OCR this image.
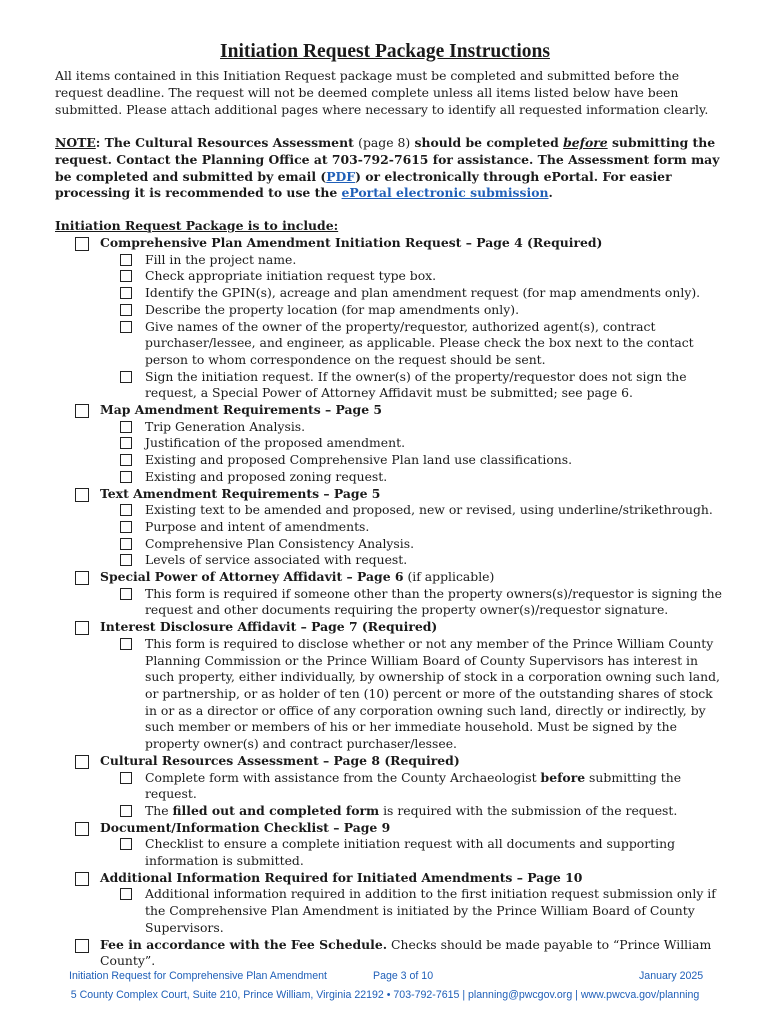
Initiation Request Package Instructions
All items contained in this Initiation Request package must be completed and submitted before the request deadline. The request will not be deemed complete unless all items listed below have been submitted. Please attach additional pages where necessary to identify all requested information clearly.
NOTE: The Cultural Resources Assessment (page 8) should be completed before submitting the request. Contact the Planning Office at 703-792-7615 for assistance. The Assessment form may be completed and submitted by email (PDF) or electronically through ePortal. For easier processing it is recommended to use the ePortal electronic submission.
Initiation Request Package is to include:
Comprehensive Plan Amendment Initiation Request – Page 4 (Required)
Fill in the project name.
Check appropriate initiation request type box.
Identify the GPIN(s), acreage and plan amendment request (for map amendments only).
Describe the property location (for map amendments only).
Give names of the owner of the property/requestor, authorized agent(s), contract purchaser/lessee, and engineer, as applicable. Please check the box next to the contact person to whom correspondence on the request should be sent.
Sign the initiation request. If the owner(s) of the property/requestor does not sign the request, a Special Power of Attorney Affidavit must be submitted; see page 6.
Map Amendment Requirements – Page 5
Trip Generation Analysis.
Justification of the proposed amendment.
Existing and proposed Comprehensive Plan land use classifications.
Existing and proposed zoning request.
Text Amendment Requirements – Page 5
Existing text to be amended and proposed, new or revised, using underline/strikethrough.
Purpose and intent of amendments.
Comprehensive Plan Consistency Analysis.
Levels of service associated with request.
Special Power of Attorney Affidavit – Page 6 (if applicable)
This form is required if someone other than the property owners(s)/requestor is signing the request and other documents requiring the property owner(s)/requestor signature.
Interest Disclosure Affidavit – Page 7 (Required)
This form is required to disclose whether or not any member of the Prince William County Planning Commission or the Prince William Board of County Supervisors has interest in such property, either individually, by ownership of stock in a corporation owning such land, or partnership, or as holder of ten (10) percent or more of the outstanding shares of stock in or as a director or office of any corporation owning such land, directly or indirectly, by such member or members of his or her immediate household. Must be signed by the property owner(s) and contract purchaser/lessee.
Cultural Resources Assessment – Page 8 (Required)
Complete form with assistance from the County Archaeologist before submitting the request.
The filled out and completed form is required with the submission of the request.
Document/Information Checklist – Page 9
Checklist to ensure a complete initiation request with all documents and supporting information is submitted.
Additional Information Required for Initiated Amendments – Page 10
Additional information required in addition to the first initiation request submission only if the Comprehensive Plan Amendment is initiated by the Prince William Board of County Supervisors.
Fee in accordance with the Fee Schedule. Checks should be made payable to “Prince William County”.
Initiation Request for Comprehensive Plan Amendment	Page 3 of 10	January 2025
5 County Complex Court, Suite 210, Prince William, Virginia 22192 • 703-792-7615 | planning@pwcgov.org | www.pwcva.gov/planning
